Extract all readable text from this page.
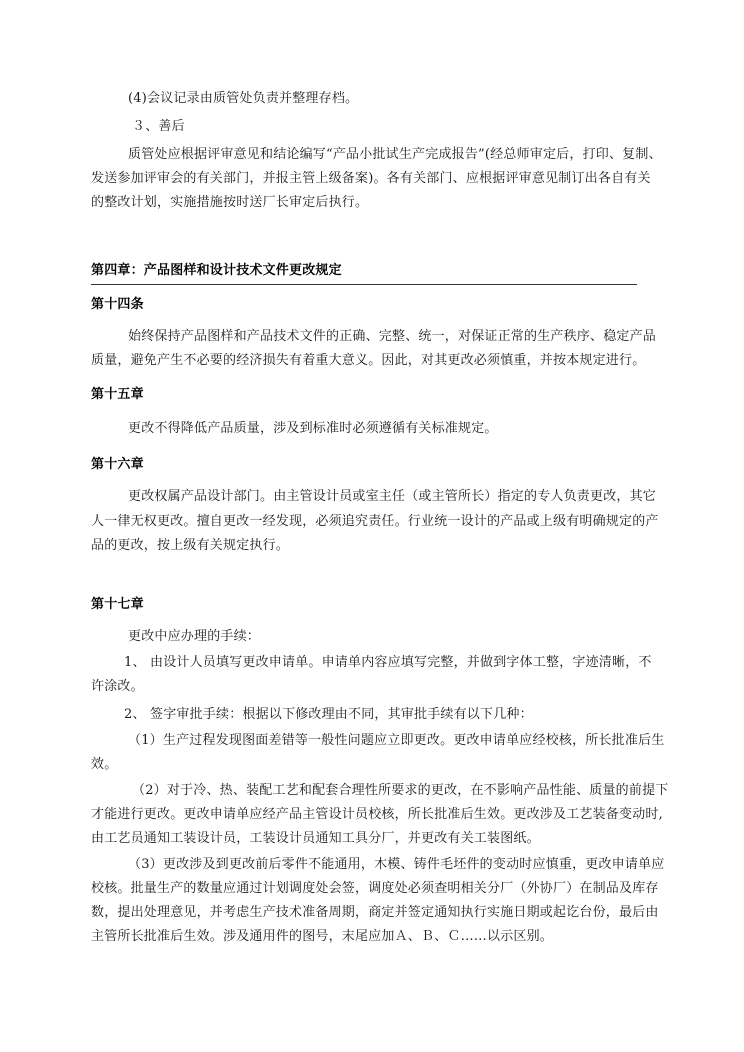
(4)会议记录由质管处负责并整理存档。
３、善后
质管处应根据评审意见和结论编写“产品小批试生产完成报告”(经总师审定后，打印、复制、
发送参加评审会的有关部门，并报主管上级备案)。各有关部门、应根据评审意见制订出各自有关
的整改计划，实施措施按时送厂长审定后执行。
第四章：产品图样和设计技术文件更改规定
第十四条
始终保持产品图样和产品技术文件的正确、完整、统一，对保证正常的生产秩序、稳定产品
质量，避免产生不必要的经济损失有着重大意义。因此，对其更改必须慎重，并按本规定进行。
第十五章
更改不得降低产品质量，涉及到标准时必须遵循有关标准规定。
第十六章
更改权属产品设计部门。由主管设计员或室主任（或主管所长）指定的专人负责更改，其它
人一律无权更改。擅自更改一经发现，必须追究责任。行业统一设计的产品或上级有明确规定的产
品的更改，按上级有关规定执行。
第十七章
更改中应办理的手续：
1、 由设计人员填写更改申请单。申请单内容应填写完整，并做到字体工整，字迹清晰，不
许涂改。
2、 签字审批手续：根据以下修改理由不同，其审批手续有以下几种：
（1）生产过程发现图面差错等一般性问题应立即更改。更改申请单应经校核，所长批准后生
效。
（2）对于冷、热、装配工艺和配套合理性所要求的更改，在不影响产品性能、质量的前提下
才能进行更改。更改申请单应经产品主管设计员校核，所长批准后生效。更改涉及工艺装备变动时,
由工艺员通知工装设计员，工装设计员通知工具分厂，并更改有关工装图纸。
（3）更改涉及到更改前后零件不能通用，木模、铸件毛坯件的变动时应慎重，更改申请单应
校核。批量生产的数量应通过计划调度处会签，调度处必须查明相关分厂（外协厂）在制品及库存
数，提出处理意见，并考虑生产技术准备周期，商定并签定通知执行实施日期或起讫台份，最后由
主管所长批准后生效。涉及通用件的图号，末尾应加Ａ、Ｂ、Ｃ……以示区别。
